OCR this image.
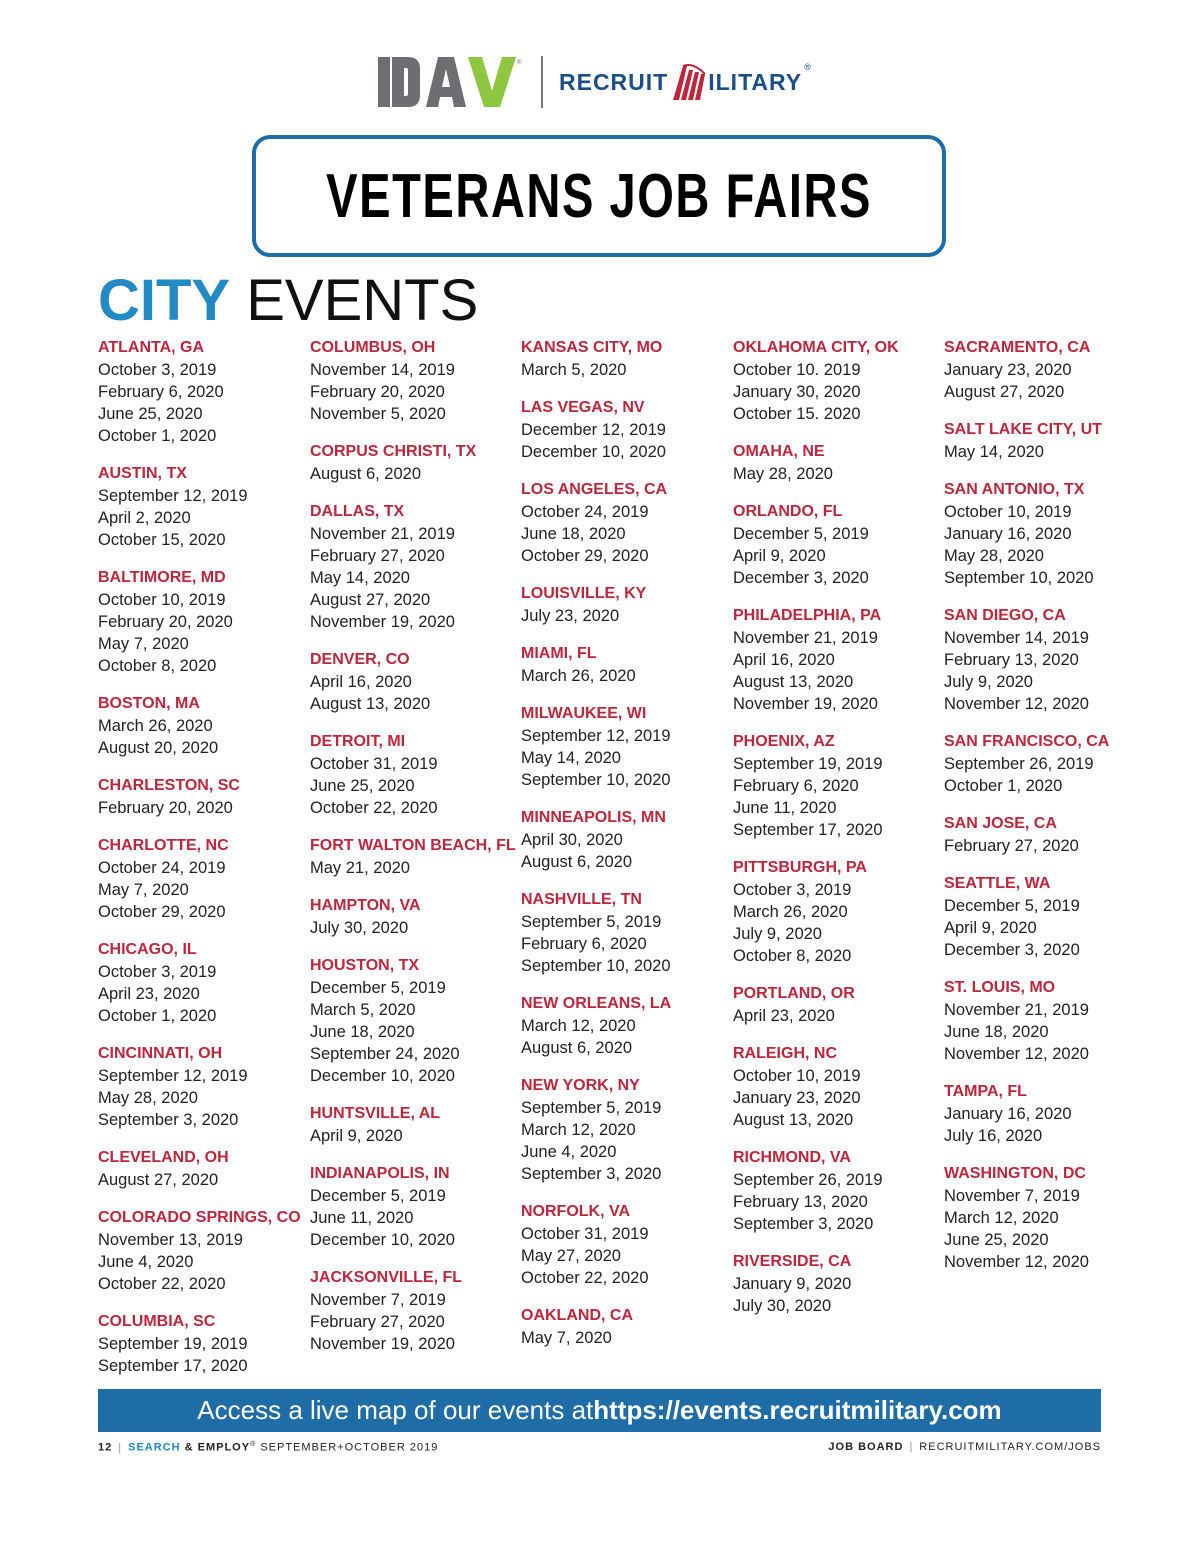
®
RECRUIT ILITARY
®
VETERANS JOB FAIRS
CITY EVENTS
ATLANTA, GA
October 3, 2019
February 6, 2020
June 25, 2020
October 1, 2020
AUSTIN, TX
September 12, 2019
April 2, 2020
October 15, 2020
BALTIMORE, MD
October 10, 2019
February 20, 2020
May 7, 2020
October 8, 2020
BOSTON, MA
March 26, 2020
August 20, 2020
CHARLESTON, SC
February 20, 2020
CHARLOTTE, NC
October 24, 2019
May 7, 2020
October 29, 2020
CHICAGO, IL
October 3, 2019
April 23, 2020
October 1, 2020
CINCINNATI, OH
September 12, 2019
May 28, 2020
September 3, 2020
CLEVELAND, OH
August 27, 2020
COLORADO SPRINGS, CO
November 13, 2019
June 4, 2020
October 22, 2020
COLUMBIA, SC
September 19, 2019
September 17, 2020
COLUMBUS, OH
November 14, 2019
February 20, 2020
November 5, 2020
CORPUS CHRISTI, TX
August 6, 2020
DALLAS, TX
November 21, 2019
February 27, 2020
May 14, 2020
August 27, 2020
November 19, 2020
DENVER, CO
April 16, 2020
August 13, 2020
DETROIT, MI
October 31, 2019
June 25, 2020
October 22, 2020
FORT WALTON BEACH, FL
May 21, 2020
HAMPTON, VA
July 30, 2020
HOUSTON, TX
December 5, 2019
March 5, 2020
June 18, 2020
September 24, 2020
December 10, 2020
HUNTSVILLE, AL
April 9, 2020
INDIANAPOLIS, IN
December 5, 2019
June 11, 2020
December 10, 2020
JACKSONVILLE, FL
November 7, 2019
February 27, 2020
November 19, 2020
KANSAS CITY, MO
March 5, 2020
LAS VEGAS, NV
December 12, 2019
December 10, 2020
LOS ANGELES, CA
October 24, 2019
June 18, 2020
October 29, 2020
LOUISVILLE, KY
July 23, 2020
MIAMI, FL
March 26, 2020
MILWAUKEE, WI
September 12, 2019
May 14, 2020
September 10, 2020
MINNEAPOLIS, MN
April 30, 2020
August 6, 2020
NASHVILLE, TN
September 5, 2019
February 6, 2020
September 10, 2020
NEW ORLEANS, LA
March 12, 2020
August 6, 2020
NEW YORK, NY
September 5, 2019
March 12, 2020
June 4, 2020
September 3, 2020
NORFOLK, VA
October 31, 2019
May 27, 2020
October 22, 2020
OAKLAND, CA
May 7, 2020
OKLAHOMA CITY, OK
October 10. 2019
January 30, 2020
October 15. 2020
OMAHA, NE
May 28, 2020
ORLANDO, FL
December 5, 2019
April 9, 2020
December 3, 2020
PHILADELPHIA, PA
November 21, 2019
April 16, 2020
August 13, 2020
November 19, 2020
PHOENIX, AZ
September 19, 2019
February 6, 2020
June 11, 2020
September 17, 2020
PITTSBURGH, PA
October 3, 2019
March 26, 2020
July 9, 2020
October 8, 2020
PORTLAND, OR
April 23, 2020
RALEIGH, NC
October 10, 2019
January 23, 2020
August 13, 2020
RICHMOND, VA
September 26, 2019
February 13, 2020
September 3, 2020
RIVERSIDE, CA
January 9, 2020
July 30, 2020
SACRAMENTO, CA
January 23, 2020
August 27, 2020
SALT LAKE CITY, UT
May 14, 2020
SAN ANTONIO, TX
October 10, 2019
January 16, 2020
May 28, 2020
September 10, 2020
SAN DIEGO, CA
November 14, 2019
February 13, 2020
July 9, 2020
November 12, 2020
SAN FRANCISCO, CA
September 26, 2019
October 1, 2020
SAN JOSE, CA
February 27, 2020
SEATTLE, WA
December 5, 2019
April 9, 2020
December 3, 2020
ST. LOUIS, MO
November 21, 2019
June 18, 2020
November 12, 2020
TAMPA, FL
January 16, 2020
July 16, 2020
WASHINGTON, DC
November 7, 2019
March 12, 2020
June 25, 2020
November 12, 2020
Access a live map of our events at https://events.recruitmilitary.com
12 | SEARCH & EMPLOY® SEPTEMBER+OCTOBER 2019	JOB BOARD | RECRUITMILITARY.COM/JOBS
